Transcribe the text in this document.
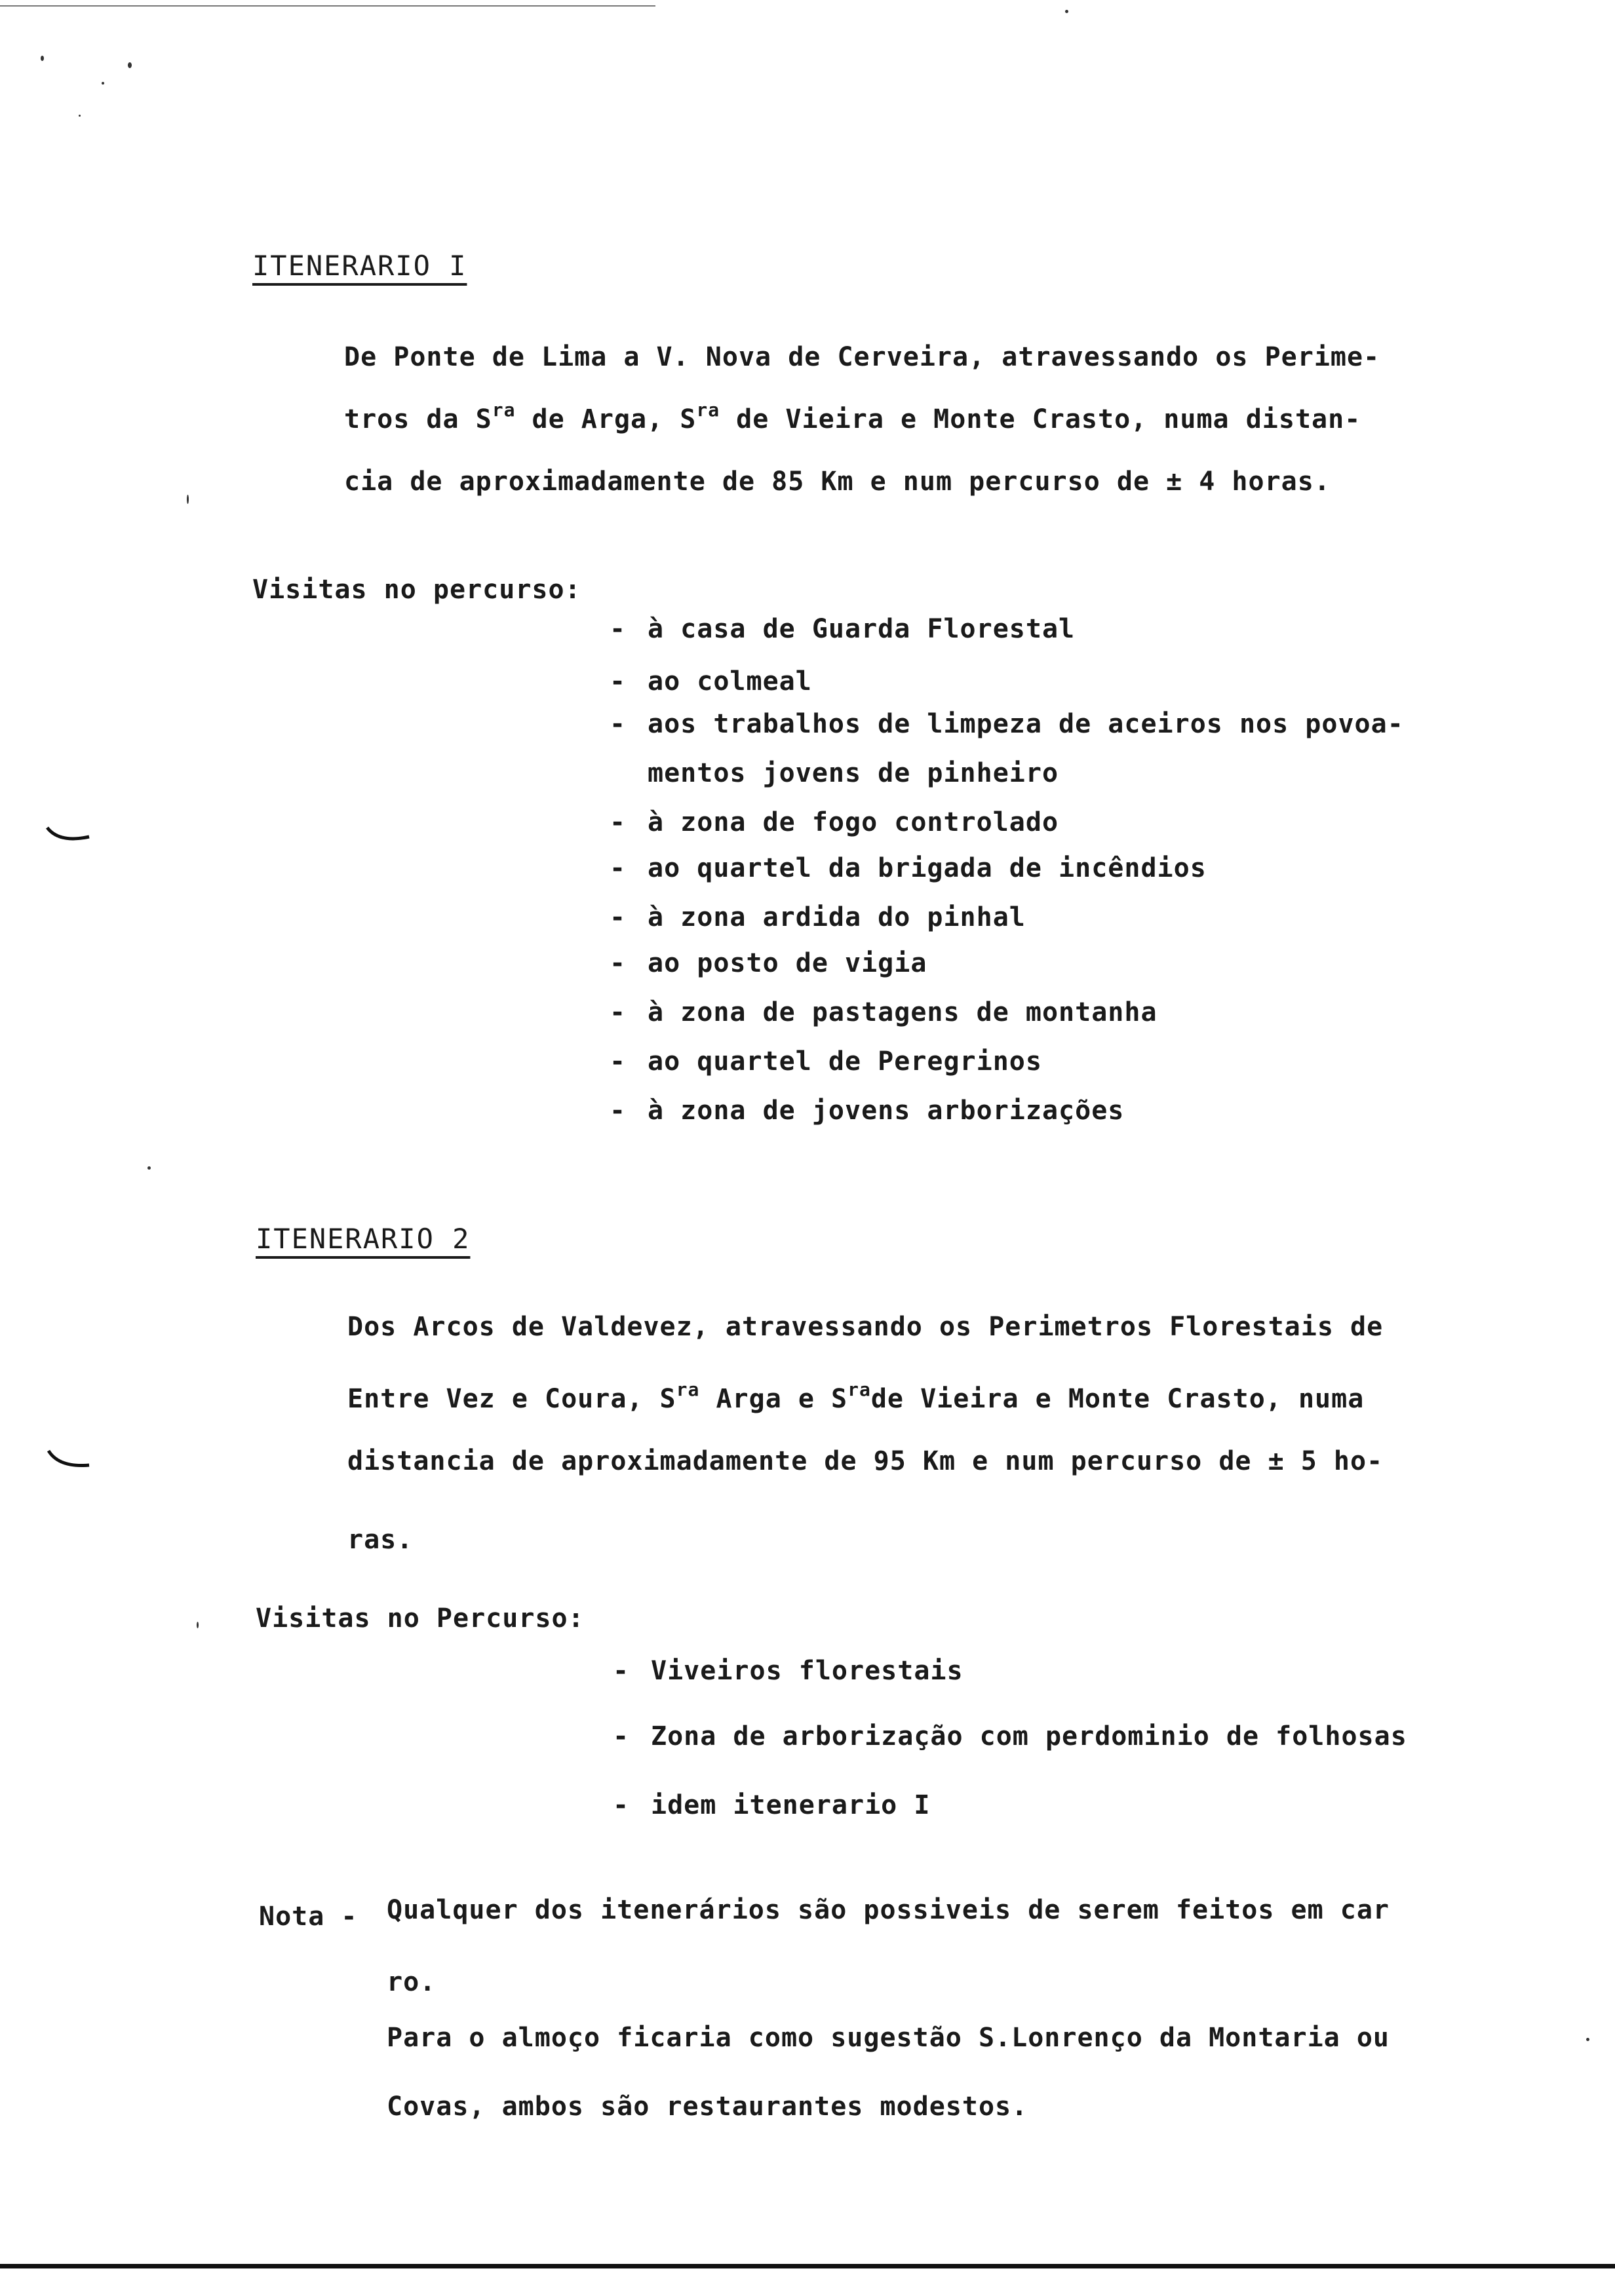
ITENERARIO I
De Ponte de Lima a V. Nova de Cerveira, atravessando os Perime-
tros da $S^{ra}$ de Arga, $S^{ra}$ de Vieira e Monte Crasto, numa distan-
cia de aproximadamente de 85 Km e num percurso de ± 4 horas.
Visitas no percurso:
- à casa de Guarda Florestal
- ao colmeal
- aos trabalhos de limpeza de aceiros nos povoa-
mentos jovens de pinheiro
- à zona de fogo controlado
- ao quartel da brigada de incêndios
- à zona ardida do pinhal
- ao posto de vigia
- à zona de pastagens de montanha
- ao quartel de Peregrinos
- à zona de jovens arborizações
ITENERARIO 2
Dos Arcos de Valdevez, atravessando os Perimetros Florestais de
Entre Vez e Coura, $S^{ra}$ Arga e $S^{ra}de$ Vieira e Monte Crasto, numa
distancia de aproximadamente de 95 Km e num percurso de ± 5 ho-
ras.
Visitas no Percurso:
- Viveiros florestais
- Zona de arborização com perdominio de folhosas
- idem itenerario I
Nota - Qualquer dos itenerários são possiveis de serem feitos em car
ro.
Para o almoço ficaria como sugestão S.Lonrenço da Montaria ou
Covas, ambos são restaurantes modestos.
